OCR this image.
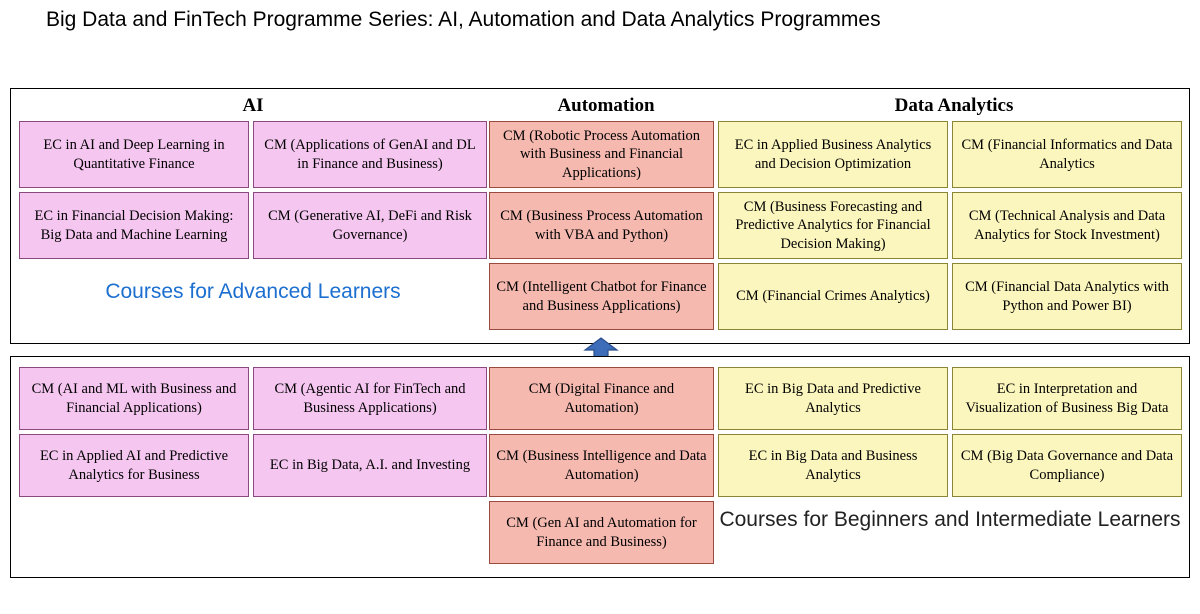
Big Data and FinTech Programme Series: AI, Automation and Data Analytics Programmes
AI	Automation	Data Analytics
EC in AI and Deep Learning in Quantitative Finance
CM (Applications of GenAI and DL in Finance and Business)
EC in Financial Decision Making: Big Data and Machine Learning
CM (Generative AI, DeFi and Risk Governance)
Courses for Advanced Learners
CM (Robotic Process Automation with Business and Financial Applications)
CM (Business Process Automation with VBA and Python)
CM (Intelligent Chatbot for Finance and Business Applications)
EC in Applied Business Analytics and Decision Optimization
CM (Financial Informatics and Data Analytics
CM (Business Forecasting and Predictive Analytics for Financial Decision Making)
CM (Technical Analysis and Data Analytics for Stock Investment)
CM (Financial Crimes Analytics)
CM (Financial Data Analytics with Python and Power BI)
CM (AI and ML with Business and Financial Applications)
CM (Agentic AI for FinTech and Business Applications)
EC in Applied AI and Predictive Analytics for Business
EC in Big Data, A.I. and Investing
CM (Digital Finance and Automation)
CM (Business Intelligence and Data Automation)
CM (Gen AI and Automation for Finance and Business)
EC in Big Data and Predictive Analytics
EC in Interpretation and Visualization of Business Big Data
EC in Big Data and Business Analytics
CM (Big Data Governance and Data Compliance)
Courses for Beginners and Intermediate Learners
